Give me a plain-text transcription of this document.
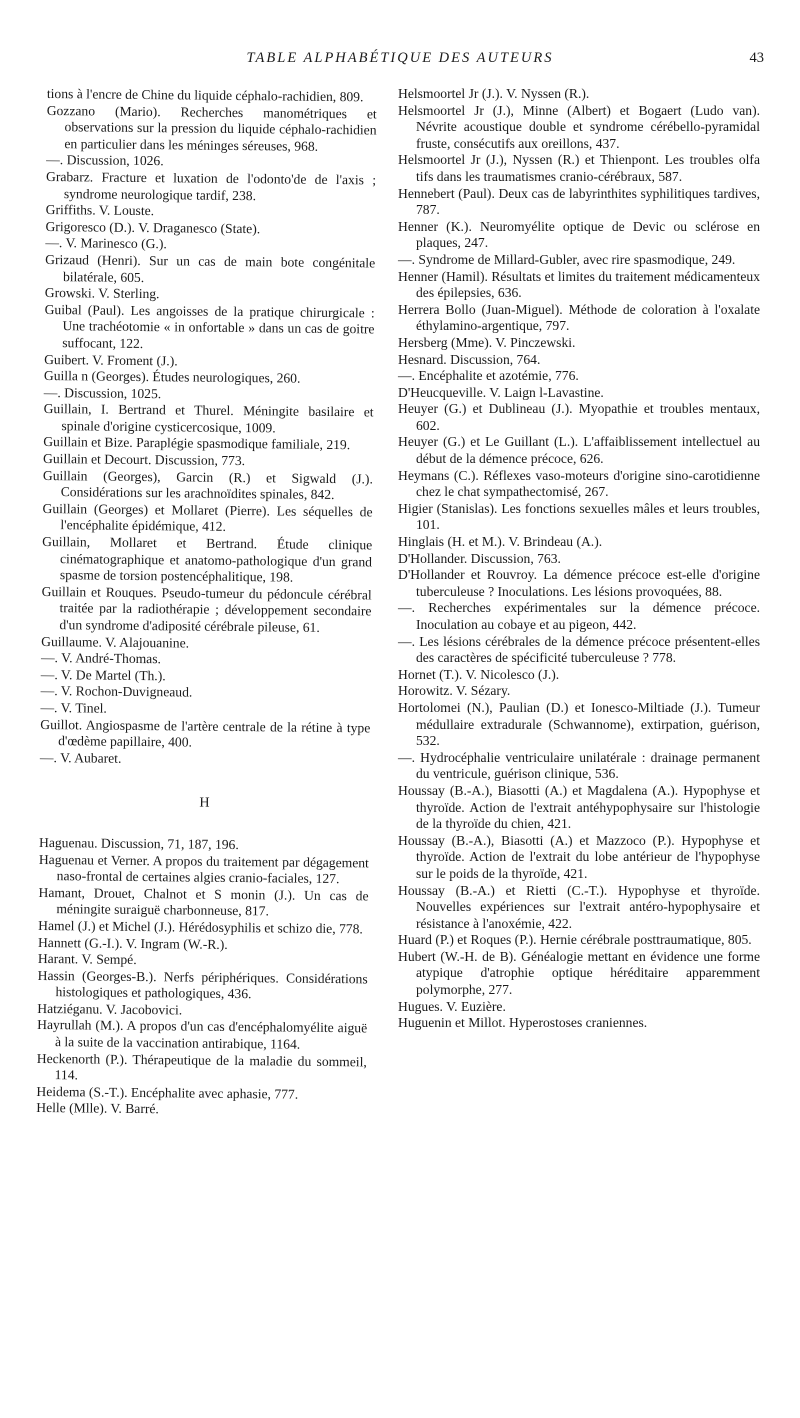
TABLE ALPHABÉTIQUE DES AUTEURS	43

tions à l'encre de Chine du liquide céphalo-rachidien, 809.

Gozzano (Mario). Recherches manométriques et observations sur la pression du liquide céphalo-rachidien en particulier dans les méninges séreuses, 968.

—. Discussion, 1026.

Grabarz. Fracture et luxation de l'odonto'de de l'axis ; syndrome neurologique tardif, 238.

Griffiths. V. Louste.

Grigoresco (D.). V. Draganesco (State).

—. V. Marinesco (G.).

Grizaud (Henri). Sur un cas de main bote congénitale bilatérale, 605.

Growski. V. Sterling.

Guibal (Paul). Les angoisses de la pratique chirurgicale : Une trachéotomie « in onfortable » dans un cas de goitre suffocant, 122.

Guibert. V. Froment (J.).

Guilla n (Georges). Études neurologiques, 260.

—. Discussion, 1025.

Guillain, I. Bertrand et Thurel. Méningite basilaire et spinale d'origine cysticercosique, 1009.

Guillain et Bize. Paraplégie spasmodique familiale, 219.

Guillain et Decourt. Discussion, 773.

Guillain (Georges), Garcin (R.) et Sigwald (J.). Considérations sur les arachnoïdites spinales, 842.

Guillain (Georges) et Mollaret (Pierre). Les séquelles de l'encéphalite épidémique, 412.

Guillain, Mollaret et Bertrand. Étude clinique cinématographique et anatomo-pathologique d'un grand spasme de torsion postencéphalitique, 198.

Guillain et Rouques. Pseudo-tumeur du pédoncule cérébral traitée par la radiothérapie ; développement secondaire d'un syndrome d'adiposité cérébrale pileuse, 61.

Guillaume. V. Alajouanine.

—. V. André-Thomas.

—. V. De Martel (Th.).

—. V. Rochon-Duvigneaud.

—. V. Tinel.

Guillot. Angiospasme de l'artère centrale de la rétine à type d'œdème papillaire, 400.

—. V. Aubaret.

H

Haguenau. Discussion, 71, 187, 196.

Haguenau et Verner. A propos du traitement par dégagement naso-frontal de certaines algies cranio-faciales, 127.

Hamant, Drouet, Chalnot et S monin (J.). Un cas de méningite suraiguë charbonneuse, 817.

Hamel (J.) et Michel (J.). Hérédosyphilis et schizo die, 778.

Hannett (G.-I.). V. Ingram (W.-R.).

Harant. V. Sempé.

Hassin (Georges-B.). Nerfs périphériques. Considérations histologiques et pathologiques, 436.

Hatziéganu. V. Jacobovici.

Hayrullah (M.). A propos d'un cas d'encéphalomyélite aiguë à la suite de la vaccination antirabique, 1164.

Heckenorth (P.). Thérapeutique de la maladie du sommeil, 114.

Heidema (S.-T.). Encéphalite avec aphasie, 777.

Helle (Mlle). V. Barré.

Helsmoortel Jr (J.). V. Nyssen (R.).

Helsmoortel Jr (J.), Minne (Albert) et Bogaert (Ludo van). Névrite acoustique double et syndrome cérébello-pyramidal fruste, consécutifs aux oreillons, 437.

Helsmoortel Jr (J.), Nyssen (R.) et Thienpont. Les troubles olfa tifs dans les traumatismes cranio-cérébraux, 587.

Hennebert (Paul). Deux cas de labyrinthites syphilitiques tardives, 787.

Henner (K.). Neuromyélite optique de Devic ou sclérose en plaques, 247.

—. Syndrome de Millard-Gubler, avec rire spasmodique, 249.

Henner (Hamil). Résultats et limites du traitement médicamenteux des épilepsies, 636.

Herrera Bollo (Juan-Miguel). Méthode de coloration à l'oxalate éthylamino-argentique, 797.

Hersberg (Mme). V. Pinczewski.

Hesnard. Discussion, 764.

—. Encéphalite et azotémie, 776.

D'Heucqueville. V. Laign l-Lavastine.

Heuyer (G.) et Dublineau (J.). Myopathie et troubles mentaux, 602.

Heuyer (G.) et Le Guillant (L.). L'affaiblissement intellectuel au début de la démence précoce, 626.

Heymans (C.). Réflexes vaso-moteurs d'origine sino-carotidienne chez le chat sympathectomisé, 267.

Higier (Stanislas). Les fonctions sexuelles mâles et leurs troubles, 101.

Hinglais (H. et M.). V. Brindeau (A.).

D'Hollander. Discussion, 763.

D'Hollander et Rouvroy. La démence précoce est-elle d'origine tuberculeuse ? Inoculations. Les lésions provoquées, 88.

—. Recherches expérimentales sur la démence précoce. Inoculation au cobaye et au pigeon, 442.

—. Les lésions cérébrales de la démence précoce présentent-elles des caractères de spécificité tuberculeuse ? 778.

Hornet (T.). V. Nicolesco (J.).

Horowitz. V. Sézary.

Hortolomei (N.), Paulian (D.) et Ionesco-Miltiade (J.). Tumeur médullaire extradurale (Schwannome), extirpation, guérison, 532.

—. Hydrocéphalie ventriculaire unilatérale : drainage permanent du ventricule, guérison clinique, 536.

Houssay (B.-A.), Biasotti (A.) et Magdalena (A.). Hypophyse et thyroïde. Action de l'extrait antéhypophysaire sur l'histologie de la thyroïde du chien, 421.

Houssay (B.-A.), Biasotti (A.) et Mazzoco (P.). Hypophyse et thyroïde. Action de l'extrait du lobe antérieur de l'hypophyse sur le poids de la thyroïde, 421.

Houssay (B.-A.) et Rietti (C.-T.). Hypophyse et thyroïde. Nouvelles expériences sur l'extrait antéro-hypophysaire et résistance à l'anoxémie, 422.

Huard (P.) et Roques (P.). Hernie cérébrale posttraumatique, 805.

Hubert (W.-H. de B). Généalogie mettant en évidence une forme atypique d'atrophie optique héréditaire apparemment polymorphe, 277.

Hugues. V. Euzière.

Huguenin et Millot. Hyperostoses craniennes.
